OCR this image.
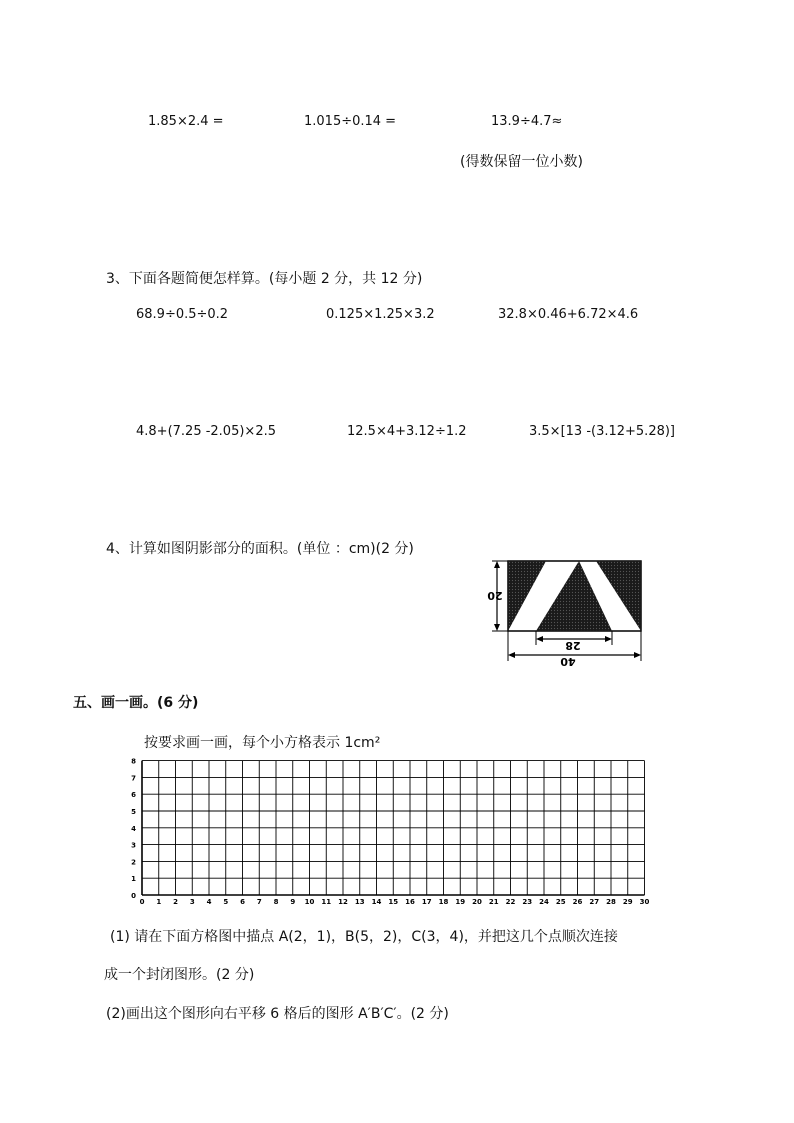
1.85×2.4 =	1.015÷0.14 =	13.9÷4.7≈
(得数保留一位小数)
3、下面各题简便怎样算。(每小题 2 分，共 12 分)
68.9÷0.5÷0.2	0.125×1.25×3.2	32.8×0.46+6.72×4.6
4.8+(7.25 -2.05)×2.5	12.5×4+3.12÷1.2	3.5×[13 -(3.12+5.28)]
4、计算如图阴影部分的面积。(单位 ：cm)(2 分)
20
28
40
五、画一画。(6 分)
按要求画一画，每个小方格表示 1cm²
0 1 2 3 4 5 6 7 8 9 10 11 12 13 14 15 16 17 18 19 20 21 22 23 24 25 26 27 28 29 30
0
1
2
3
4
5
6
7
8
(1) 请在下面方格图中描点 A(2，1)，B(5，2)，C(3，4)，并把这几个点顺次连接
成一个封闭图形。(2 分)
(2)画出这个图形向右平移 6 格后的图形 A′B′C′。(2 分)
